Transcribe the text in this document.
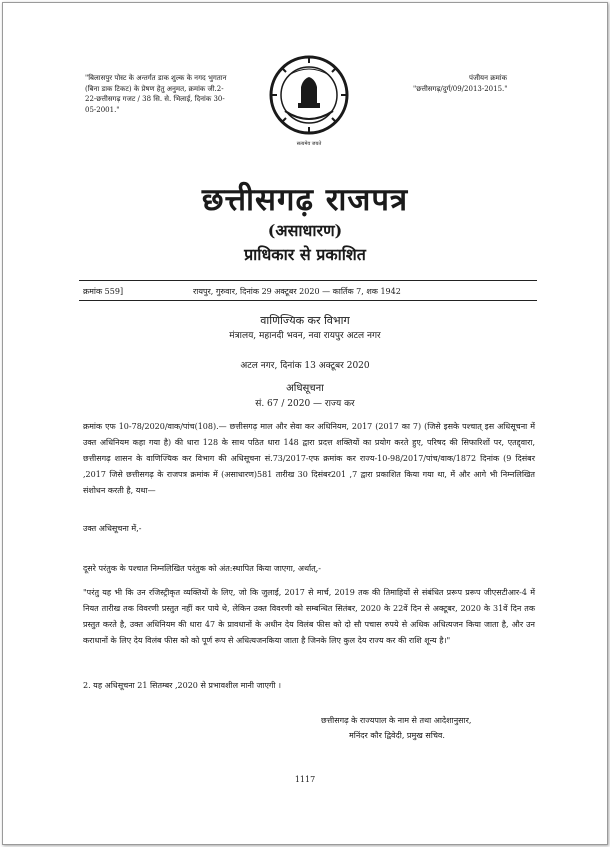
"बिलासपुर पोस्ट के अन्तर्गत डाक शुल्क के नगद भुगतान (बिना डाक टिकट) के प्रेषण हेतु अनुमत, क्रमांक जी.2-22-छत्तीसगढ़ गजट / 38 सि. से. भिलाई, दिनांक 30-05-2001."
सत्यमेव जयते
पंजीयन क्रमांक
"छत्तीसगढ़/दुर्ग/09/2013-2015."
छत्तीसगढ़ राजपत्र
(असाधारण)
प्राधिकार से प्रकाशित
क्रमांक 559]	रायपुर, गुरुवार, दिनांक 29 अक्टूबर 2020 — कार्तिक 7, शक 1942
वाणिज्यिक कर विभाग
मंत्रालय, महानदी भवन, नवा रायपुर अटल नगर
अटल नगर, दिनांक 13 अक्टूबर 2020
अधिसूचना
सं. 67 / 2020 — राज्य कर
क्रमांक एफ 10-78/2020/वाक/पांच(108).— छत्तीसगढ़ माल और सेवा कर अधिनियम, 2017 (2017 का 7) (जिसे इसके पश्चात् इस अधिसूचना में उक्त अधिनियम कहा गया है) की धारा 128 के साथ पठित धारा 148 द्वारा प्रदत्त शक्तियों का प्रयोग करते हुए, परिषद की सिफारिशों पर, एतद्द्वारा, छत्तीसगढ़ शासन के वाणिज्यिक कर विभाग की अधिसूचना सं.73/2017-एफ क्रमांक कर राज्य-10-98/2017/पांच/वाक/1872 दिनांक (9 दिसंबर ,2017 जिसे छत्तीसगढ़ के राजपत्र क्रमांक में (असाधारण)581 तारीख 30 दिसंबर201 ,7 द्वारा प्रकाशित किया गया था, में और आगे भी निम्नलिखित संशोधन करती है, यथा—
उक्त अधिसूचना में,-
दूसरे परंतुक के पश्चात निम्नलिखित परंतुक को अंत:स्थापित किया जाएगा, अर्थात्,-
"परंतु यह भी कि उन रजिस्ट्रीकृत व्यक्तियों के लिए, जो कि जुलाई, 2017 से मार्च, 2019 तक की तिमाहियों से संबंधित प्ररूप प्ररूप जीएसटीआर-4 में नियत तारीख तक विवरणी प्रस्तुत नहीं कर पाये थे, लेकिन उक्त विवरणी को सम्बन्धित सितंबर, 2020 के 22वें दिन से अक्टूबर, 2020 के 31वें दिन तक प्रस्तुत करते है, उक्त अधिनियम की धारा 47 के प्रावधानों के अधीन देय विलंब फीस को दो सौ पचास रुपये से अधिक अधित्यजन किया जाता है, और उन कराधानों के लिए देय विलंब फीस को को पूर्ण रूप से अधित्यजनकिया जाता है जिनके लिए कुल देय राज्य कर की राशि शून्य है।"
2. यह अधिसूचना 21 सितम्बर ,2020 से प्रभावशील मानी जाएगी ।
छत्तीसगढ़ के राज्यपाल के नाम से तथा आदेशानुसार,
मनिंदर कौर द्विवेदी, प्रमुख सचिव.
1117
